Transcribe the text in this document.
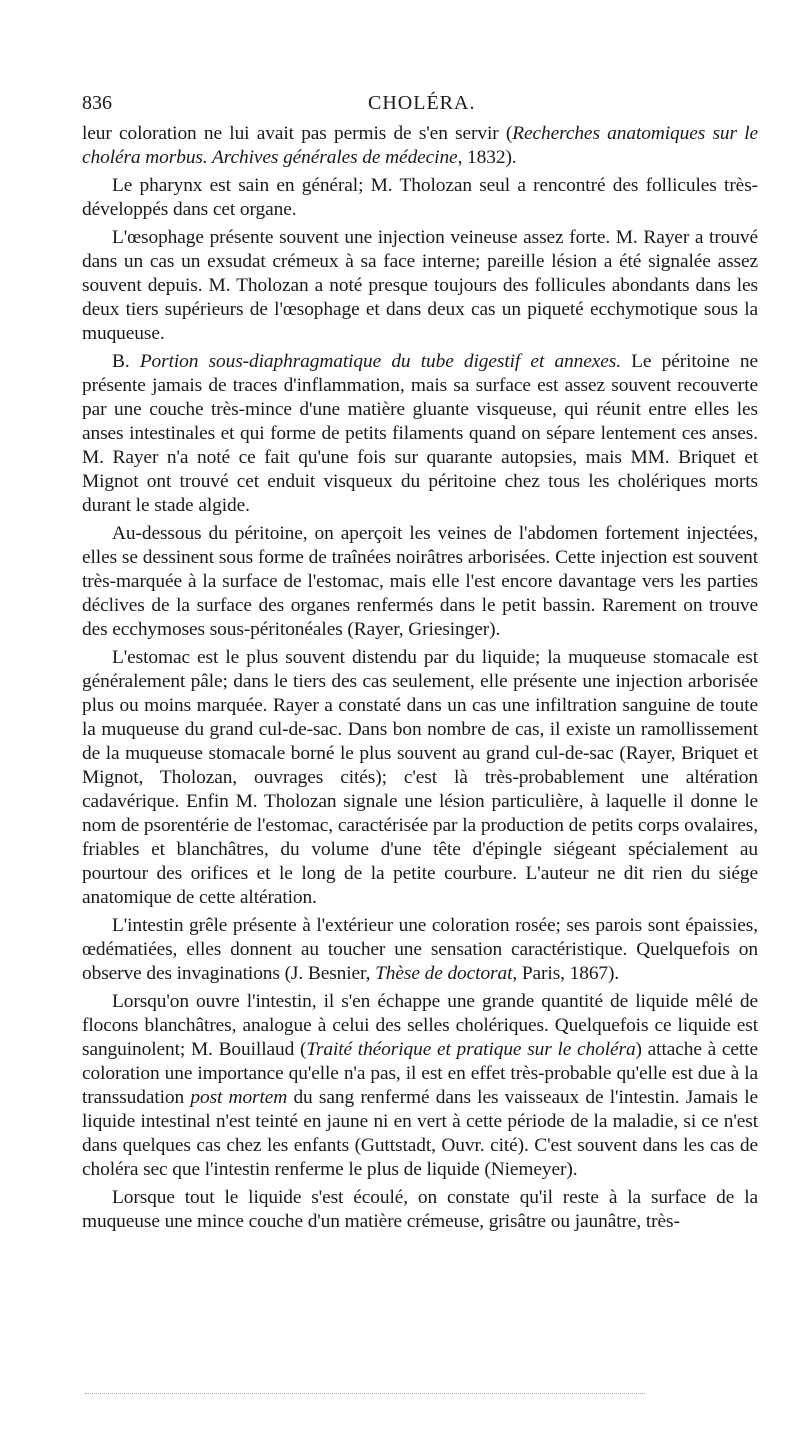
836	CHOLÉRA.

leur coloration ne lui avait pas permis de s'en servir (Recherches anatomiques sur le choléra morbus. Archives générales de médecine, 1832).

Le pharynx est sain en général; M. Tholozan seul a rencontré des follicules très-développés dans cet organe.

L'œsophage présente souvent une injection veineuse assez forte. M. Rayer a trouvé dans un cas un exsudat crémeux à sa face interne; pareille lésion a été signalée assez souvent depuis. M. Tholozan a noté presque toujours des follicules abondants dans les deux tiers supérieurs de l'œsophage et dans deux cas un piqueté ecchymotique sous la muqueuse.

B. Portion sous-diaphragmatique du tube digestif et annexes. Le péritoine ne présente jamais de traces d'inflammation, mais sa surface est assez souvent recouverte par une couche très-mince d'une matière gluante visqueuse, qui réunit entre elles les anses intestinales et qui forme de petits filaments quand on sépare lentement ces anses. M. Rayer n'a noté ce fait qu'une fois sur quarante autopsies, mais MM. Briquet et Mignot ont trouvé cet enduit visqueux du péritoine chez tous les cholériques morts durant le stade algide.

Au-dessous du péritoine, on aperçoit les veines de l'abdomen fortement injectées, elles se dessinent sous forme de traînées noirâtres arborisées. Cette injection est souvent très-marquée à la surface de l'estomac, mais elle l'est encore davantage vers les parties déclives de la surface des organes renfermés dans le petit bassin. Rarement on trouve des ecchymoses sous-péritonéales (Rayer, Griesinger).

L'estomac est le plus souvent distendu par du liquide; la muqueuse stomacale est généralement pâle; dans le tiers des cas seulement, elle présente une injection arborisée plus ou moins marquée. Rayer a constaté dans un cas une infiltration sanguine de toute la muqueuse du grand cul-de-sac. Dans bon nombre de cas, il existe un ramollissement de la muqueuse stomacale borné le plus souvent au grand cul-de-sac (Rayer, Briquet et Mignot, Tholozan, ouvrages cités); c'est là très-probablement une altération cadavérique. Enfin M. Tholozan signale une lésion particulière, à laquelle il donne le nom de psorentérie de l'estomac, caractérisée par la production de petits corps ovalaires, friables et blanchâtres, du volume d'une tête d'épingle siégeant spécialement au pourtour des orifices et le long de la petite courbure. L'auteur ne dit rien du siége anatomique de cette altération.

L'intestin grêle présente à l'extérieur une coloration rosée; ses parois sont épaissies, œdématiées, elles donnent au toucher une sensation caractéristique. Quelquefois on observe des invaginations (J. Besnier, Thèse de doctorat, Paris, 1867).

Lorsqu'on ouvre l'intestin, il s'en échappe une grande quantité de liquide mêlé de flocons blanchâtres, analogue à celui des selles cholériques. Quelquefois ce liquide est sanguinolent; M. Bouillaud (Traité théorique et pratique sur le choléra) attache à cette coloration une importance qu'elle n'a pas, il est en effet très-probable qu'elle est due à la transsudation post mortem du sang renfermé dans les vaisseaux de l'intestin. Jamais le liquide intestinal n'est teinté en jaune ni en vert à cette période de la maladie, si ce n'est dans quelques cas chez les enfants (Guttstadt, Ouvr. cité). C'est souvent dans les cas de choléra sec que l'intestin renferme le plus de liquide (Niemeyer).

Lorsque tout le liquide s'est écoulé, on constate qu'il reste à la surface de la muqueuse une mince couche d'un matière crémeuse, grisâtre ou jaunâtre, très-
